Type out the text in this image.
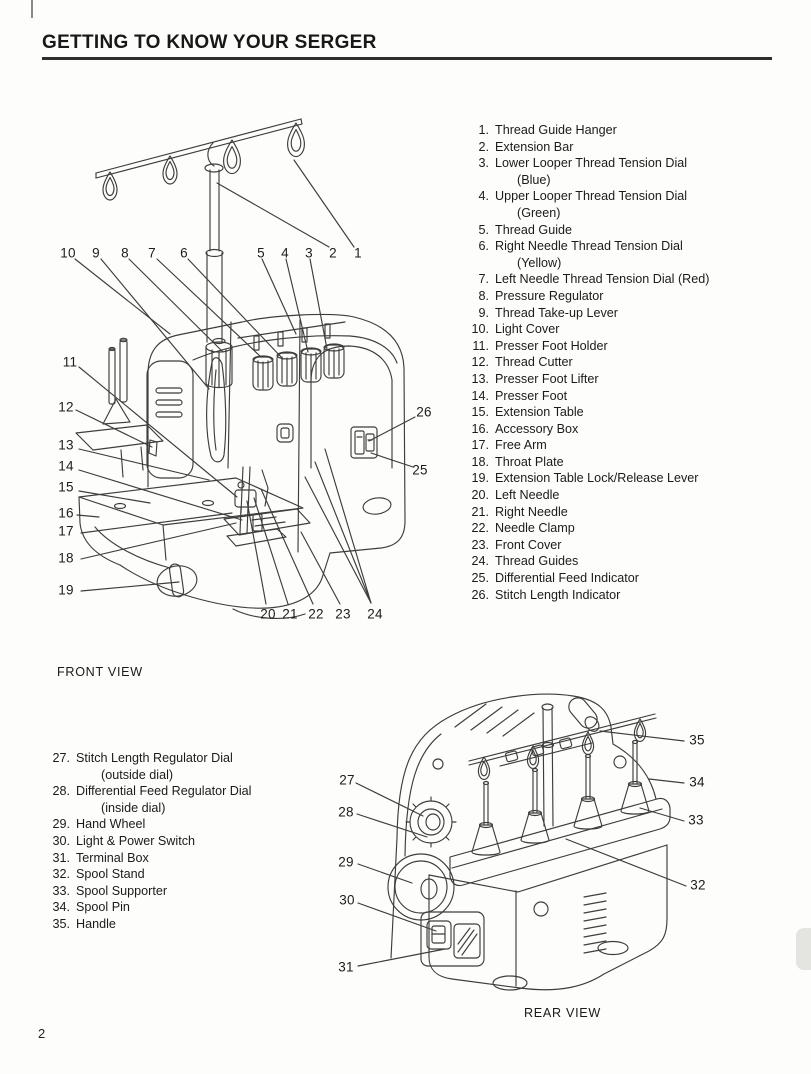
GETTING TO KNOW YOUR SERGER
10 9 8 7 6	5 4 3 2 1
11
12
13
14
15
16
17
18
19
26
25
20 21 22 23 24
27
28
29
30
31
32
33
34
35
1. Thread Guide Hanger
2. Extension Bar
3. Lower Looper Thread Tension Dial
(Blue)
4. Upper Looper Thread Tension Dial
(Green)
5. Thread Guide
6. Right Needle Thread Tension Dial
(Yellow)
7. Left Needle Thread Tension Dial (Red)
8. Pressure Regulator
9. Thread Take-up Lever
10. Light Cover
11. Presser Foot Holder
12. Thread Cutter
13. Presser Foot Lifter
14. Presser Foot
15. Extension Table
16. Accessory Box
17. Free Arm
18. Throat Plate
19. Extension Table Lock/Release Lever
20. Left Needle
21. Right Needle
22. Needle Clamp
23. Front Cover
24. Thread Guides
25. Differential Feed Indicator
26. Stitch Length Indicator
27. Stitch Length Regulator Dial
(outside dial)
28. Differential Feed Regulator Dial
(inside dial)
29. Hand Wheel
30. Light & Power Switch
31. Terminal Box
32. Spool Stand
33. Spool Supporter
34. Spool Pin
35. Handle
FRONT VIEW
REAR VIEW
2
